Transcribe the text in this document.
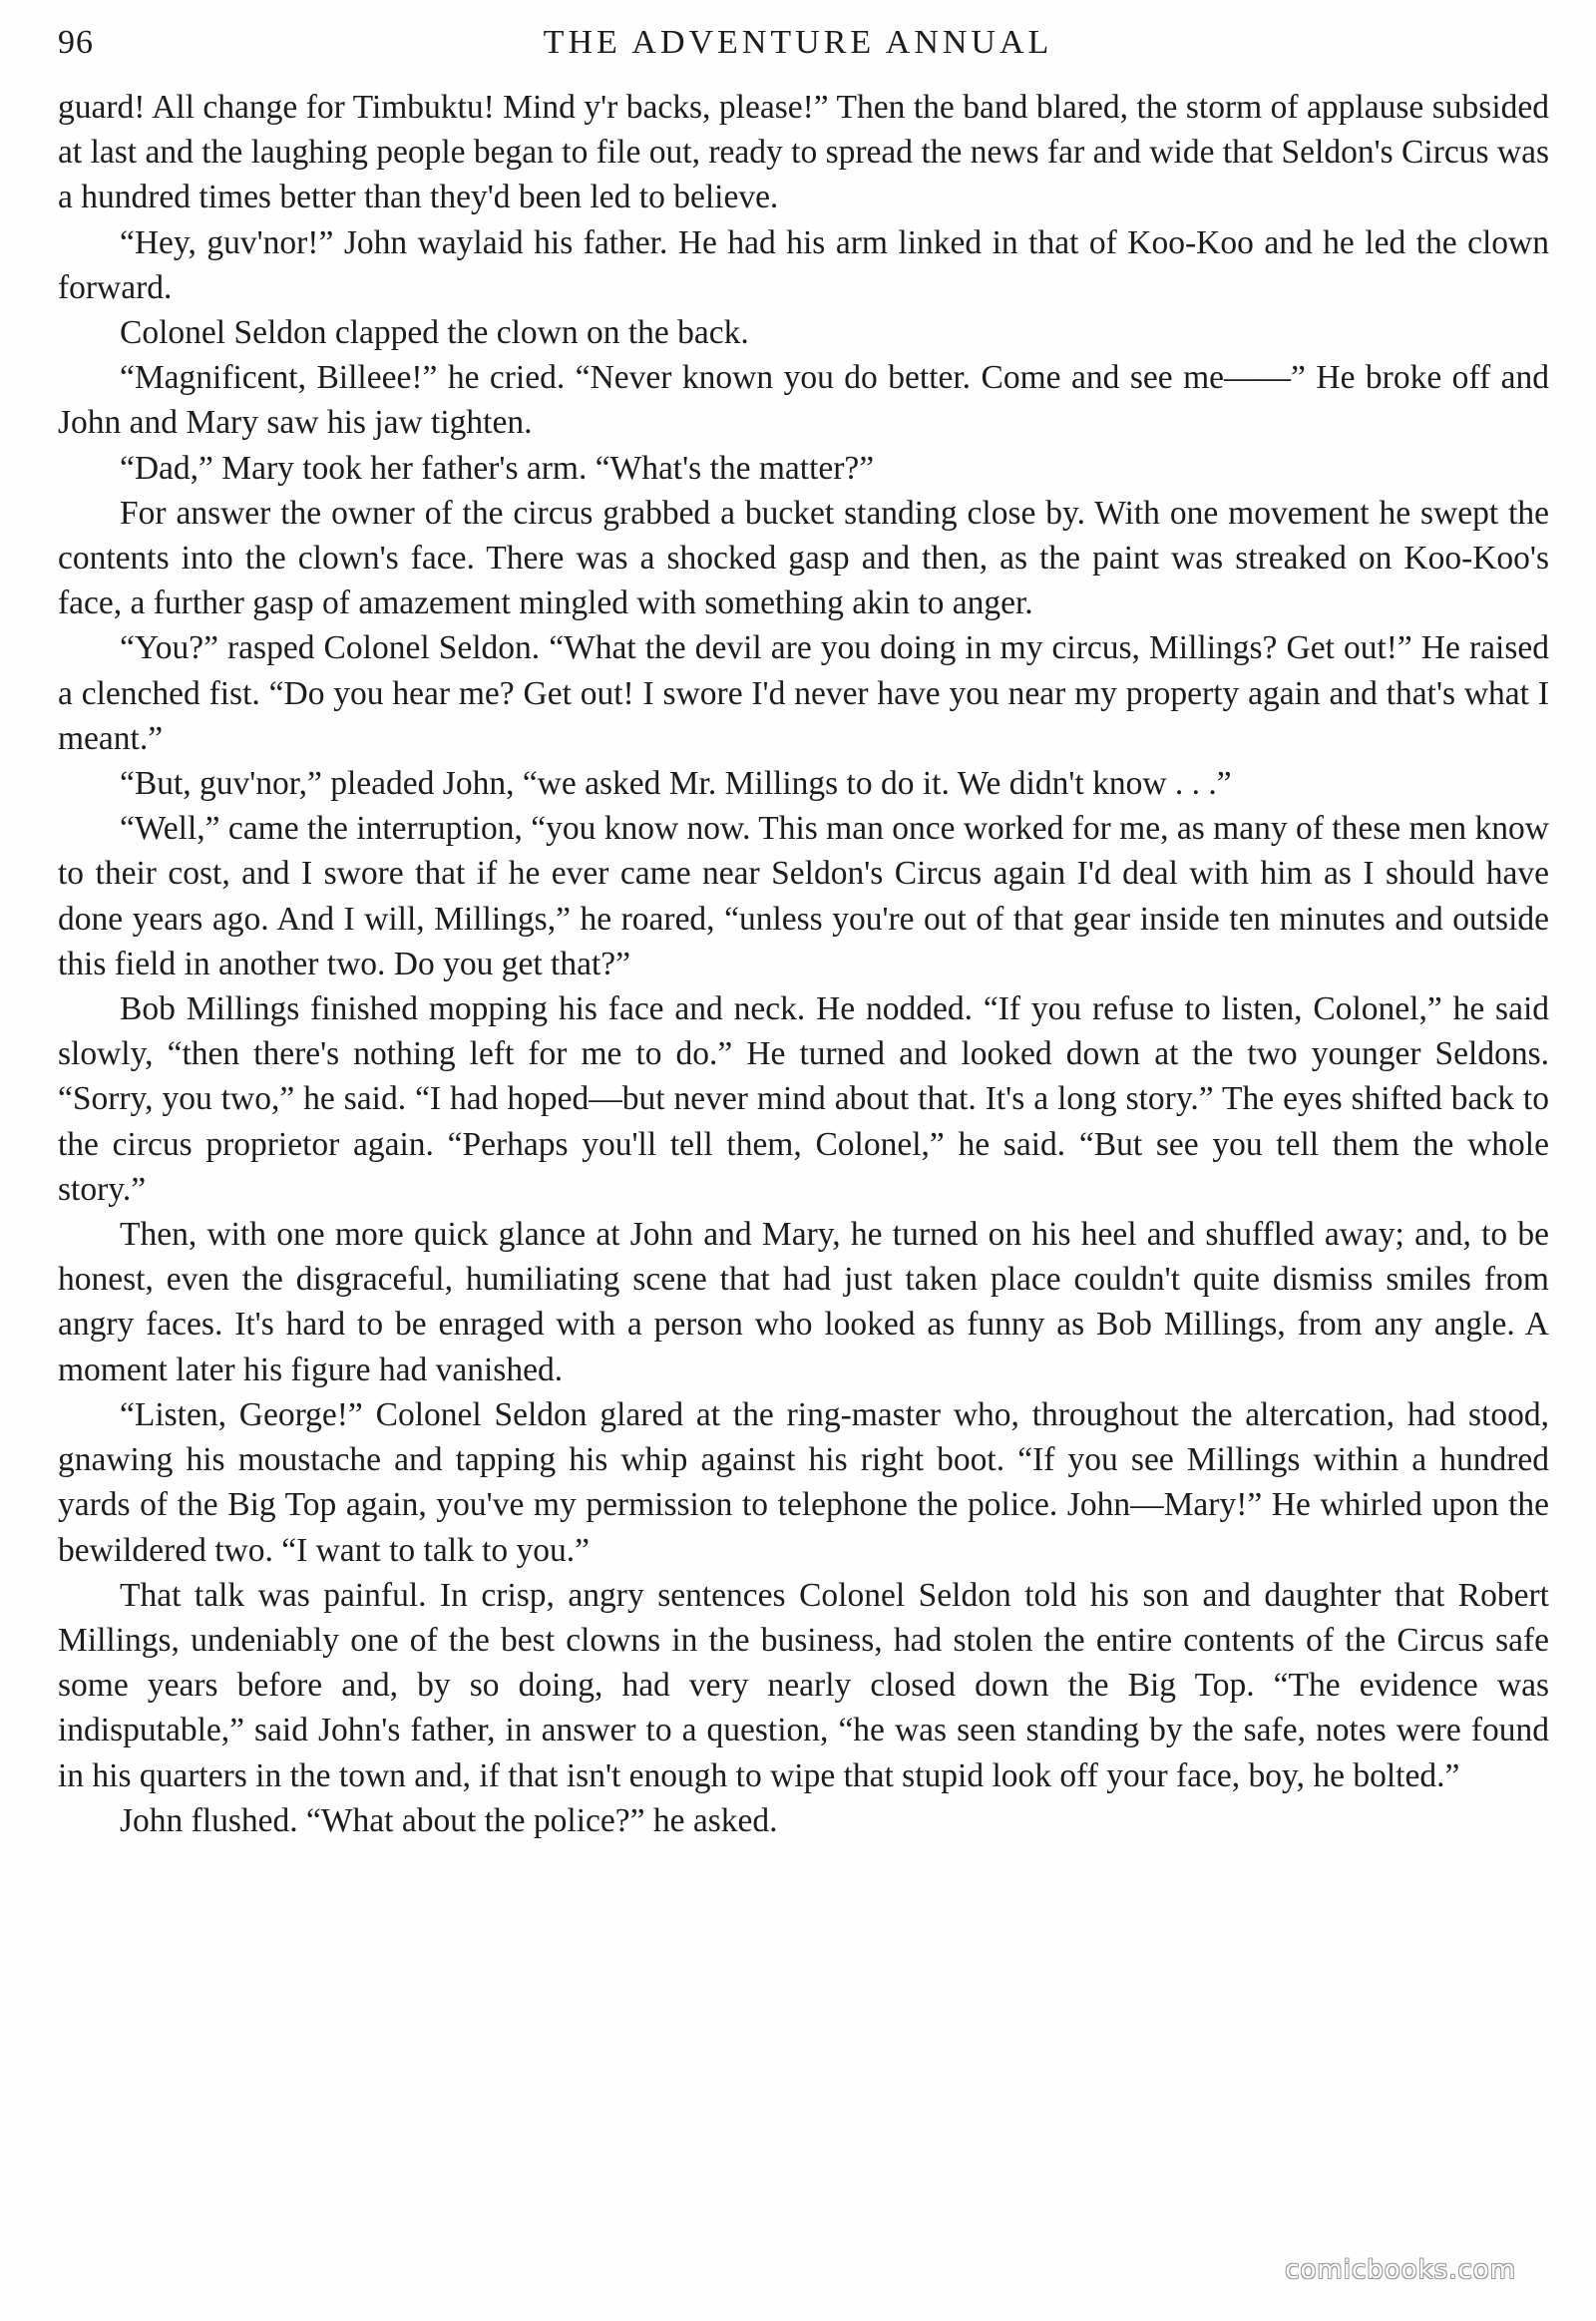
96	THE ADVENTURE ANNUAL

guard! All change for Timbuktu! Mind y'r backs, please!” Then the band blared, the storm of applause subsided at last and the laughing people began to file out, ready to spread the news far and wide that Seldon's Circus was a hundred times better than they'd been led to believe.

“Hey, guv'nor!” John waylaid his father. He had his arm linked in that of Koo-Koo and he led the clown forward.

Colonel Seldon clapped the clown on the back.

“Magnificent, Billeee!” he cried. “Never known you do better. Come and see me——” He broke off and John and Mary saw his jaw tighten.

“Dad,” Mary took her father's arm. “What's the matter?”

For answer the owner of the circus grabbed a bucket standing close by. With one movement he swept the contents into the clown's face. There was a shocked gasp and then, as the paint was streaked on Koo-Koo's face, a further gasp of amazement mingled with something akin to anger.

“You?” rasped Colonel Seldon. “What the devil are you doing in my circus, Millings? Get out!” He raised a clenched fist. “Do you hear me? Get out! I swore I'd never have you near my property again and that's what I meant.”

“But, guv'nor,” pleaded John, “we asked Mr. Millings to do it. We didn't know . . .”

“Well,” came the interruption, “you know now. This man once worked for me, as many of these men know to their cost, and I swore that if he ever came near Seldon's Circus again I'd deal with him as I should have done years ago. And I will, Millings,” he roared, “unless you're out of that gear inside ten minutes and outside this field in another two. Do you get that?”

Bob Millings finished mopping his face and neck. He nodded. “If you refuse to listen, Colonel,” he said slowly, “then there's nothing left for me to do.” He turned and looked down at the two younger Seldons. “Sorry, you two,” he said. “I had hoped—but never mind about that. It's a long story.” The eyes shifted back to the circus proprietor again. “Perhaps you'll tell them, Colonel,” he said. “But see you tell them the whole story.”

Then, with one more quick glance at John and Mary, he turned on his heel and shuffled away; and, to be honest, even the disgraceful, humiliating scene that had just taken place couldn't quite dismiss smiles from angry faces. It's hard to be enraged with a person who looked as funny as Bob Millings, from any angle. A moment later his figure had vanished.

“Listen, George!” Colonel Seldon glared at the ring-master who, throughout the altercation, had stood, gnawing his moustache and tapping his whip against his right boot. “If you see Millings within a hundred yards of the Big Top again, you've my permission to telephone the police. John—Mary!” He whirled upon the bewildered two. “I want to talk to you.”

That talk was painful. In crisp, angry sentences Colonel Seldon told his son and daughter that Robert Millings, undeniably one of the best clowns in the business, had stolen the entire contents of the Circus safe some years before and, by so doing, had very nearly closed down the Big Top. “The evidence was indisputable,” said John's father, in answer to a question, “he was seen standing by the safe, notes were found in his quarters in the town and, if that isn't enough to wipe that stupid look off your face, boy, he bolted.”

John flushed. “What about the police?” he asked.

comicbooks.com
